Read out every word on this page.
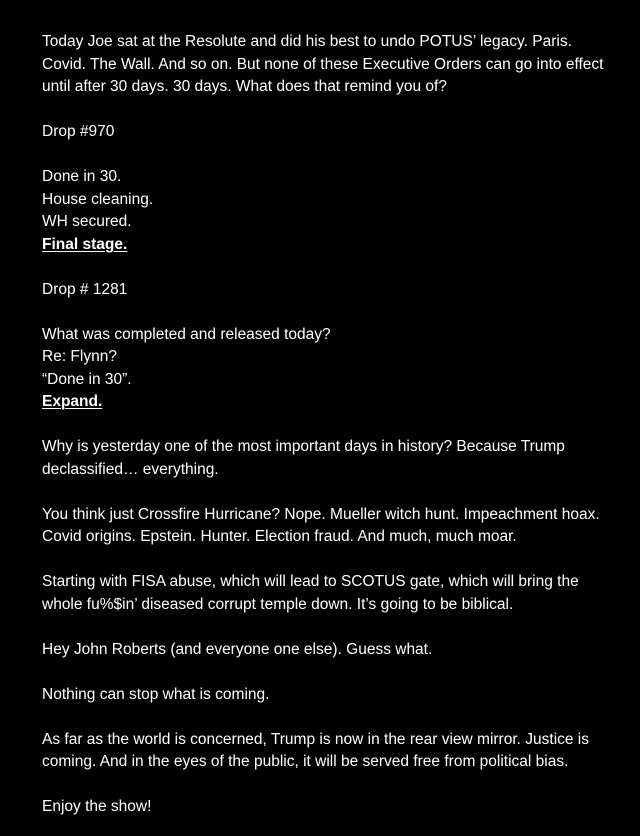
Today Joe sat at the Resolute and did his best to undo POTUS’ legacy. Paris. Covid. The Wall. And so on. But none of these Executive Orders can go into effect until after 30 days. 30 days. What does that remind you of?

Drop #970

Done in 30.
House cleaning.
WH secured.
Final stage.

Drop # 1281

What was completed and released today?
Re: Flynn?
“Done in 30”.
Expand.

Why is yesterday one of the most important days in history? Because Trump declassified… everything.

You think just Crossfire Hurricane? Nope. Mueller witch hunt. Impeachment hoax. Covid origins. Epstein. Hunter. Election fraud. And much, much moar.

Starting with FISA abuse, which will lead to SCOTUS gate, which will bring the whole fu%$in’ diseased corrupt temple down. It’s going to be biblical.

Hey John Roberts (and everyone one else). Guess what.

Nothing can stop what is coming.

As far as the world is concerned, Trump is now in the rear view mirror. Justice is coming. And in the eyes of the public, it will be served free from political bias.

Enjoy the show!
